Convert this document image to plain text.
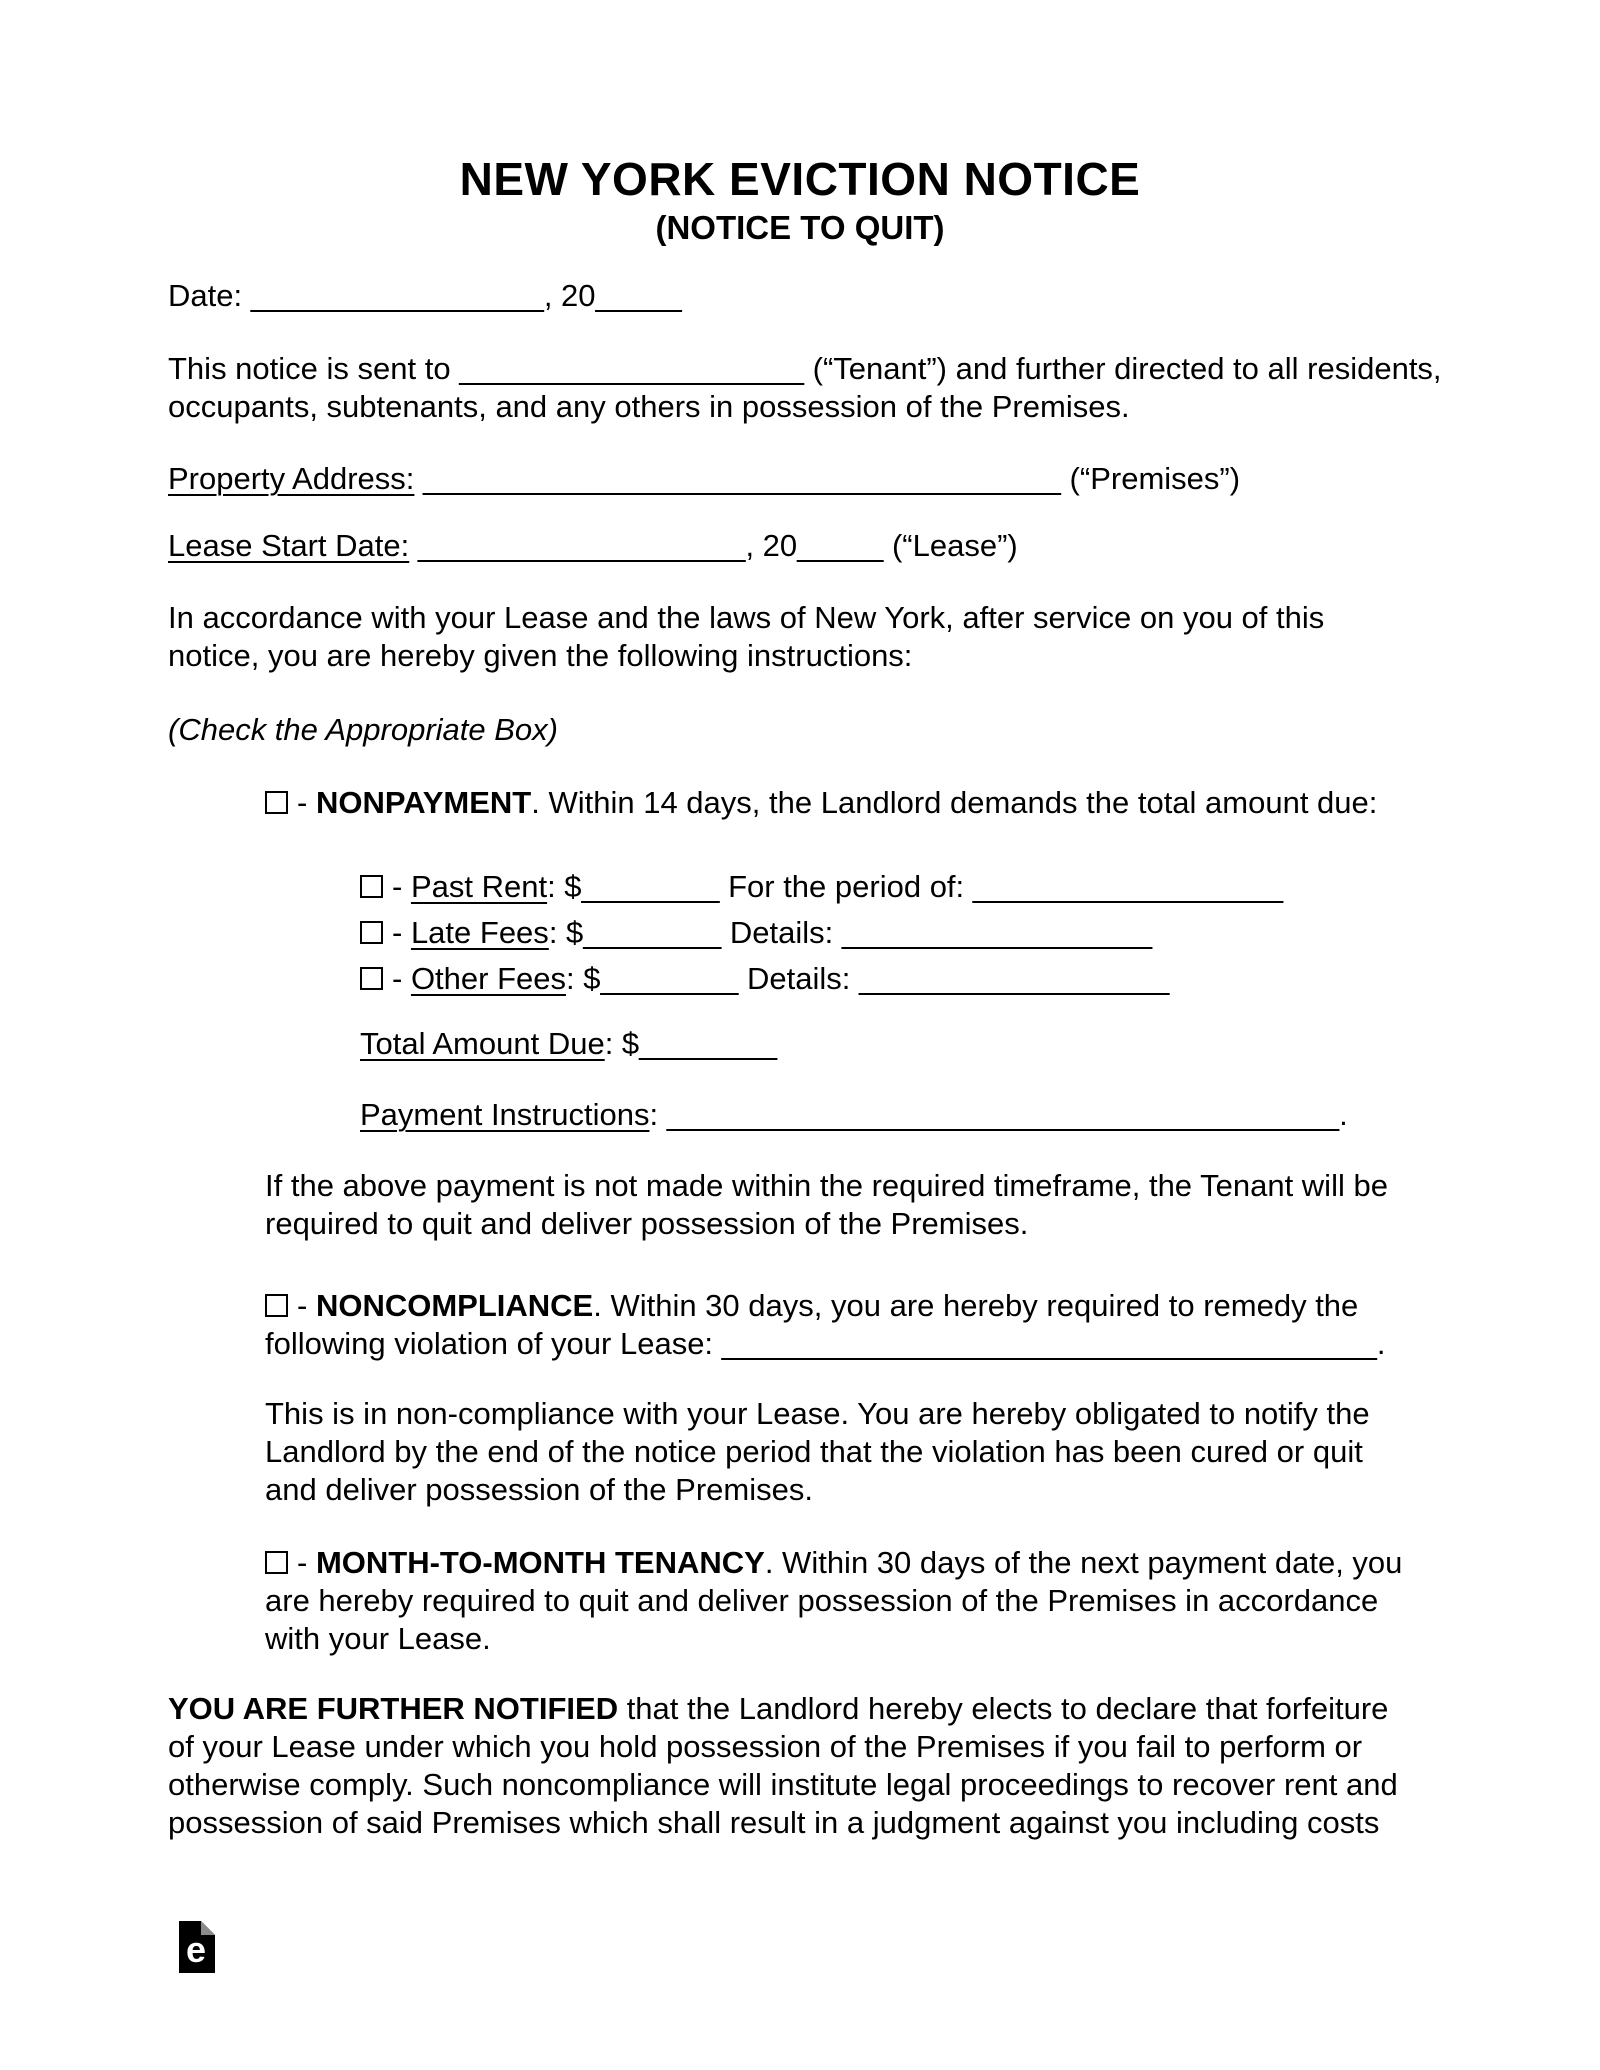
NEW YORK EVICTION NOTICE
(NOTICE TO QUIT)
Date: _________________, 20_____
This notice is sent to ____________________ (“Tenant”) and further directed to all residents,
occupants, subtenants, and any others in possession of the Premises.
Property Address: _____________________________________ (“Premises”)
Lease Start Date: ___________________, 20_____ (“Lease”)
In accordance with your Lease and the laws of New York, after service on you of this
notice, you are hereby given the following instructions:
(Check the Appropriate Box)
- NONPAYMENT. Within 14 days, the Landlord demands the total amount due:
- Past Rent: $________ For the period of: __________________
- Late Fees: $________ Details: __________________
- Other Fees: $________ Details: __________________
Total Amount Due: $________
Payment Instructions: _______________________________________.
If the above payment is not made within the required timeframe, the Tenant will be
required to quit and deliver possession of the Premises.
- NONCOMPLIANCE. Within 30 days, you are hereby required to remedy the
following violation of your Lease: ______________________________________.
This is in non-compliance with your Lease. You are hereby obligated to notify the
Landlord by the end of the notice period that the violation has been cured or quit
and deliver possession of the Premises.
- MONTH-TO-MONTH TENANCY. Within 30 days of the next payment date, you
are hereby required to quit and deliver possession of the Premises in accordance
with your Lease.
YOU ARE FURTHER NOTIFIED that the Landlord hereby elects to declare that forfeiture
of your Lease under which you hold possession of the Premises if you fail to perform or
otherwise comply. Such noncompliance will institute legal proceedings to recover rent and
possession of said Premises which shall result in a judgment against you including costs
e
